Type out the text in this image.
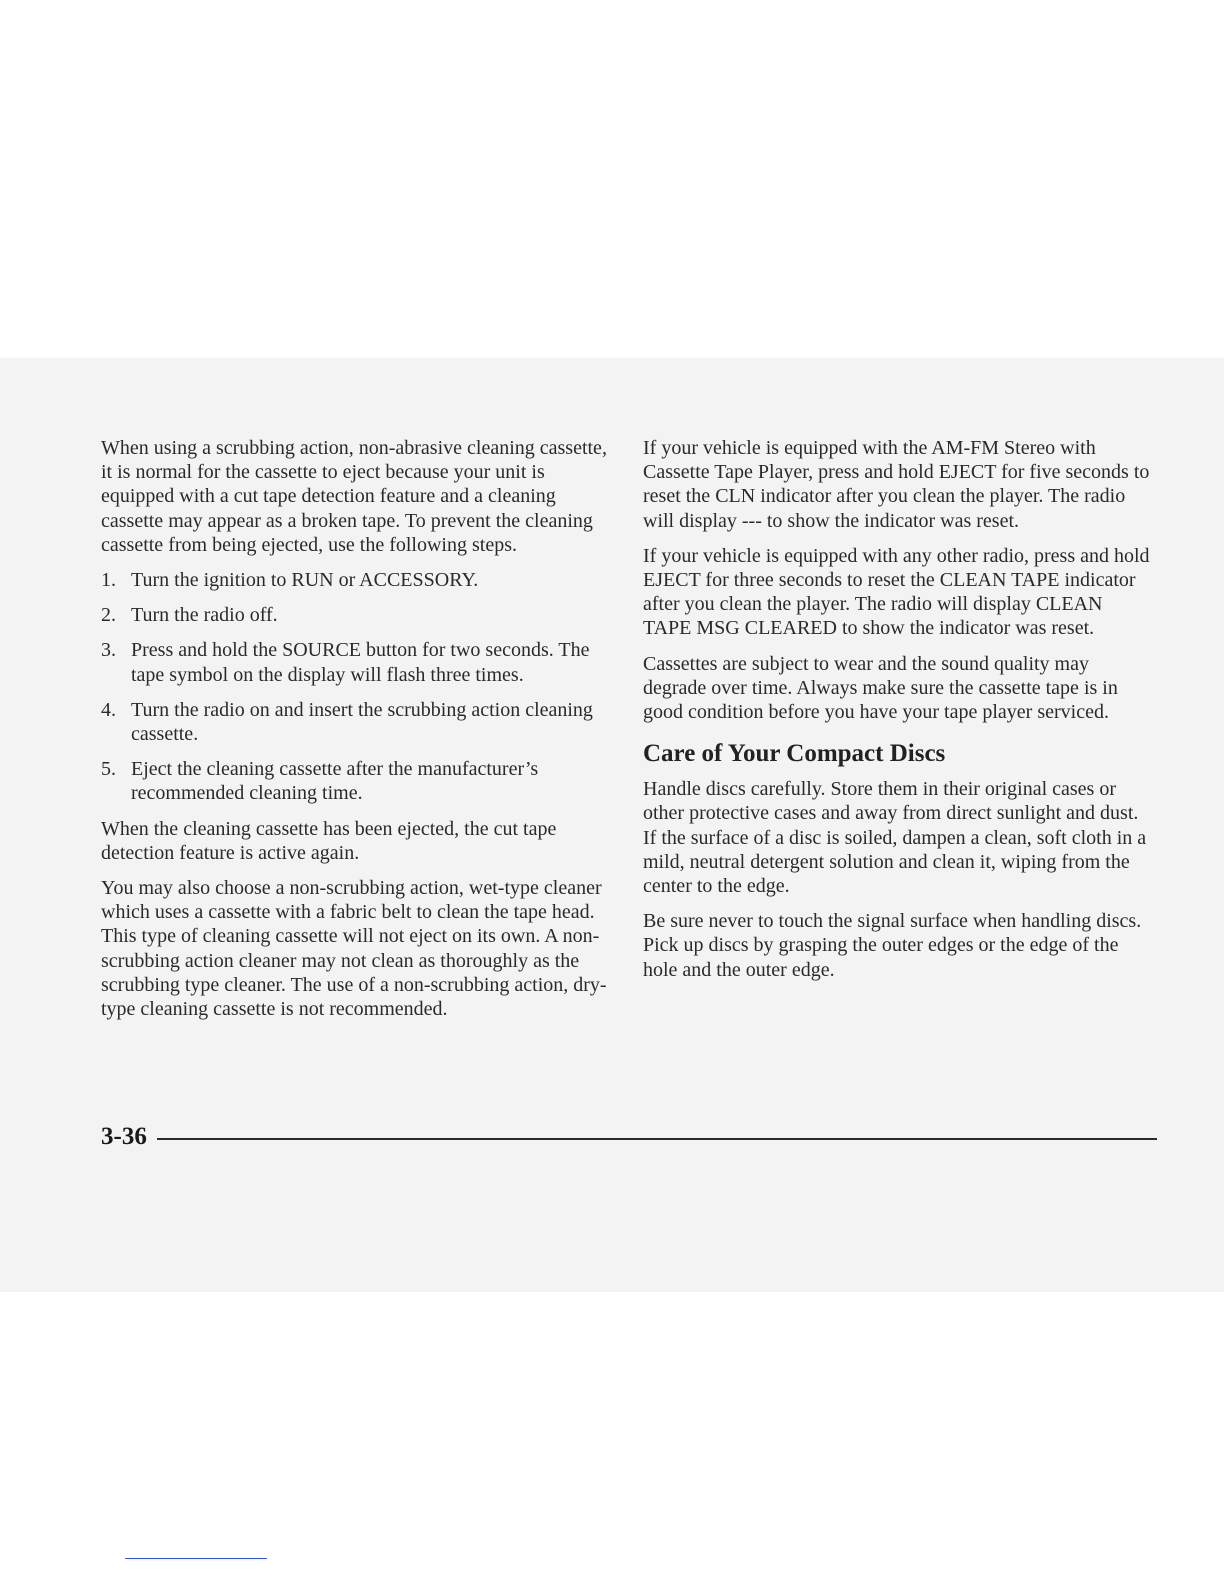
When using a scrubbing action, non-abrasive cleaning cassette, it is normal for the cassette to eject because your unit is equipped with a cut tape detection feature and a cleaning cassette may appear as a broken tape. To prevent the cleaning cassette from being ejected, use the following steps.

1. Turn the ignition to RUN or ACCESSORY.
2. Turn the radio off.
3. Press and hold the SOURCE button for two seconds. The tape symbol on the display will flash three times.
4. Turn the radio on and insert the scrubbing action cleaning cassette.
5. Eject the cleaning cassette after the manufacturer’s recommended cleaning time.

When the cleaning cassette has been ejected, the cut tape detection feature is active again.

You may also choose a non-scrubbing action, wet-type cleaner which uses a cassette with a fabric belt to clean the tape head. This type of cleaning cassette will not eject on its own. A non-scrubbing action cleaner may not clean as thoroughly as the scrubbing type cleaner. The use of a non-scrubbing action, dry-type cleaning cassette is not recommended.

If your vehicle is equipped with the AM-FM Stereo with Cassette Tape Player, press and hold EJECT for five seconds to reset the CLN indicator after you clean the player. The radio will display --- to show the indicator was reset.

If your vehicle is equipped with any other radio, press and hold EJECT for three seconds to reset the CLEAN TAPE indicator after you clean the player. The radio will display CLEAN TAPE MSG CLEARED to show the indicator was reset.

Cassettes are subject to wear and the sound quality may degrade over time. Always make sure the cassette tape is in good condition before you have your tape player serviced.

Care of Your Compact Discs

Handle discs carefully. Store them in their original cases or other protective cases and away from direct sunlight and dust. If the surface of a disc is soiled, dampen a clean, soft cloth in a mild, neutral detergent solution and clean it, wiping from the center to the edge.

Be sure never to touch the signal surface when handling discs. Pick up discs by grasping the outer edges or the edge of the hole and the outer edge.

3-36
